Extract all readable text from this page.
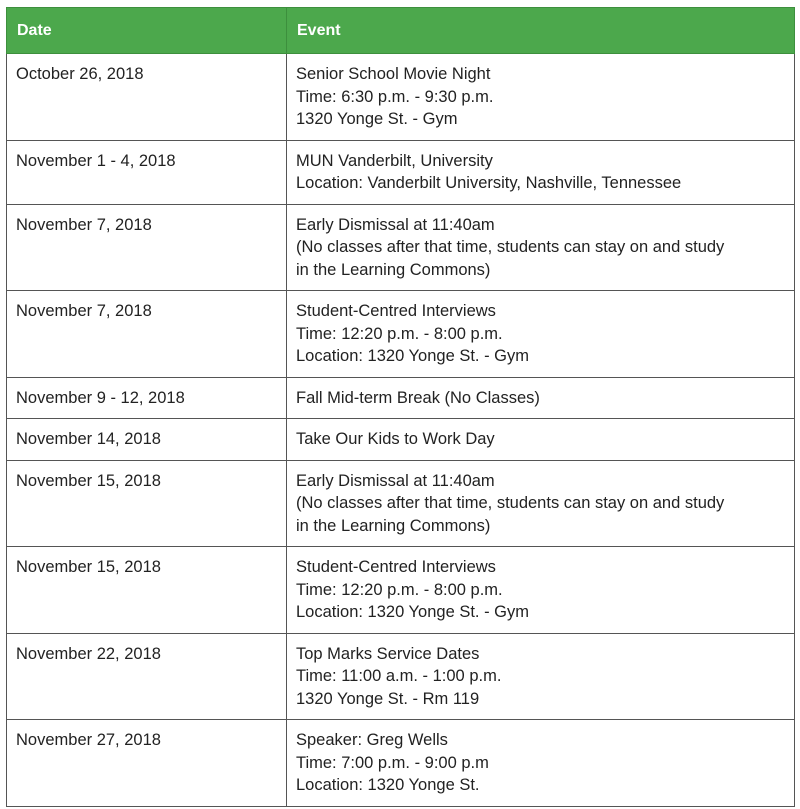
Date	Event
October 26, 2018	Senior School Movie Night
Time: 6:30 p.m. - 9:30 p.m.
1320 Yonge St. - Gym

November 1 - 4, 2018	MUN Vanderbilt, University
Location: Vanderbilt University, Nashville, Tennessee

November 7, 2018	Early Dismissal at 11:40am
(No classes after that time, students can stay on and study
in the Learning Commons)

November 7, 2018	Student-Centred Interviews
Time: 12:20 p.m. - 8:00 p.m.
Location: 1320 Yonge St. - Gym

November 9 - 12, 2018	Fall Mid-term Break (No Classes)

November 14, 2018	Take Our Kids to Work Day

November 15, 2018	Early Dismissal at 11:40am
(No classes after that time, students can stay on and study
in the Learning Commons)

November 15, 2018	Student-Centred Interviews
Time: 12:20 p.m. - 8:00 p.m.
Location: 1320 Yonge St. - Gym

November 22, 2018	Top Marks Service Dates
Time: 11:00 a.m. - 1:00 p.m.
1320 Yonge St. - Rm 119

November 27, 2018	Speaker: Greg Wells
Time: 7:00 p.m. - 9:00 p.m
Location: 1320 Yonge St.
